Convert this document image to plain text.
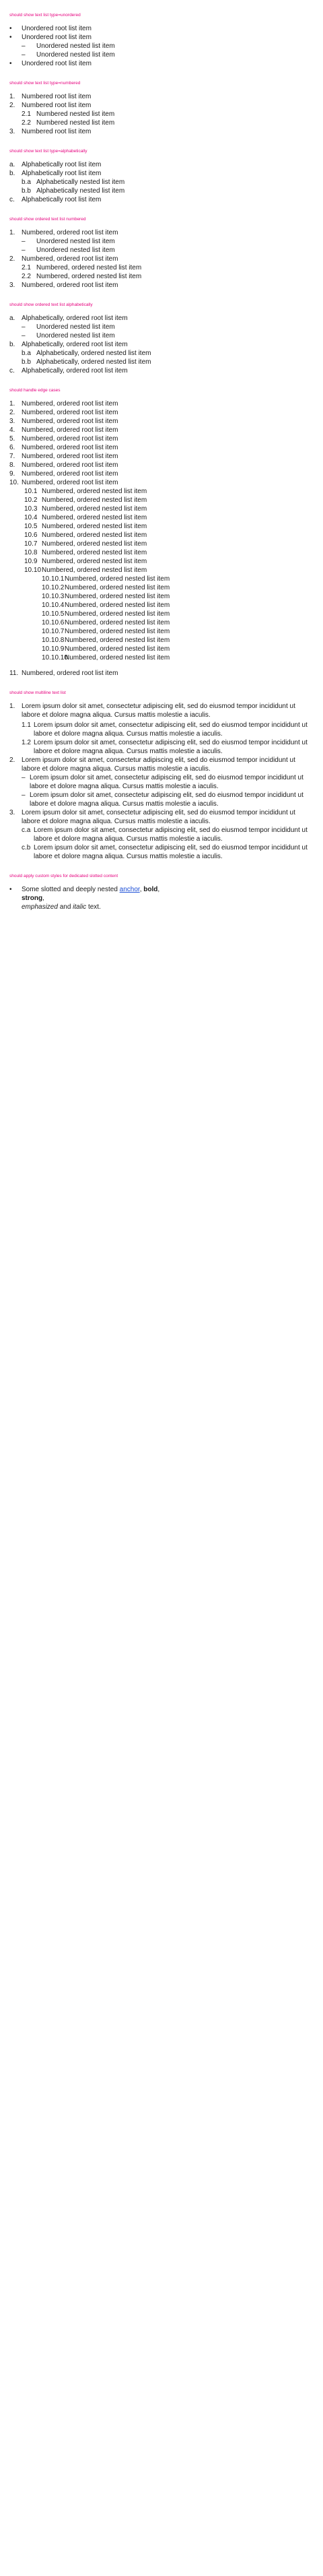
should show text list type=unordered
•
Unordered root list item
•
Unordered root list item
–
Unordered nested list item
–
Unordered nested list item
•
Unordered root list item
should show text list type=numbered
1. Numbered root list item
2. Numbered root list item
2.1 Numbered nested list item
2.2 Numbered nested list item
3. Numbered root list item
should show text list type=alphabetically
a. Alphabetically root list item
b. Alphabetically root list item
b.a Alphabetically nested list item
b.b Alphabetically nested list item
c.	Alphabetically root list item
should show ordered text list numbered
1. Numbered, ordered root list item
–
Unordered nested list item
–
Unordered nested list item
2. Numbered, ordered root list item
2.1 Numbered, ordered nested list item
2.2 Numbered, ordered nested list item
3. Numbered, ordered root list item
should show ordered text list alphabetically
a. Alphabetically, ordered root list item
–
Unordered nested list item
–
Unordered nested list item
b. Alphabetically, ordered root list item
b.a Alphabetically, ordered nested list item
b.b Alphabetically, ordered nested list item
c.	Alphabetically, ordered root list item
should handle edge cases
1. Numbered, ordered root list item
2. Numbered, ordered root list item
3. Numbered, ordered root list item
4. Numbered, ordered root list item
5. Numbered, ordered root list item
6. Numbered, ordered root list item
7. Numbered, ordered root list item
8. Numbered, ordered root list item
9. Numbered, ordered root list item
10. Numbered, ordered root list item
10.1 Numbered, ordered nested list item
10.2 Numbered, ordered nested list item
10.3 Numbered, ordered nested list item
10.4 Numbered, ordered nested list item
10.5 Numbered, ordered nested list item
10.6 Numbered, ordered nested list item
10.7 Numbered, ordered nested list item
10.8 Numbered, ordered nested list item
10.9 Numbered, ordered nested list item
10.10 Numbered, ordered nested list item
10.10.1 Numbered, ordered nested list item
10.10.2 Numbered, ordered nested list item
10.10.3 Numbered, ordered nested list item
10.10.4 Numbered, ordered nested list item
10.10.5 Numbered, ordered nested list item
10.10.6 Numbered, ordered nested list item
10.10.7 Numbered, ordered nested list item
10.10.8 Numbered, ordered nested list item
10.10.9 Numbered, ordered nested list item
10.10.10
Numbered, ordered nested list item
11. Numbered, ordered root list item
should show multiline text list
1. Lorem ipsum dolor sit amet, consectetur adipiscing elit, sed do eiusmod tempor incididunt ut labore et dolore magna aliqua. Cursus mattis molestie a iaculis.
1.1 Lorem ipsum dolor sit amet, consectetur adipiscing elit, sed do eiusmod tempor incididunt ut labore et dolore magna aliqua. Cursus mattis molestie a iaculis.
1.2 Lorem ipsum dolor sit amet, consectetur adipiscing elit, sed do eiusmod tempor incididunt ut labore et dolore magna aliqua. Cursus mattis molestie a iaculis.
2. Lorem ipsum dolor sit amet, consectetur adipiscing elit, sed do eiusmod tempor incididunt ut labore et dolore magna aliqua. Cursus mattis molestie a iaculis.
–
Lorem ipsum dolor sit amet, consectetur adipiscing elit, sed do eiusmod tempor incididunt ut labore et dolore magna aliqua. Cursus mattis molestie a iaculis.
–
Lorem ipsum dolor sit amet, consectetur adipiscing elit, sed do eiusmod tempor incididunt ut labore et dolore magna aliqua. Cursus mattis molestie a iaculis.
3. Lorem ipsum dolor sit amet, consectetur adipiscing elit, sed do eiusmod tempor incididunt ut labore et dolore magna aliqua. Cursus mattis molestie a iaculis.
c.a Lorem ipsum dolor sit amet, consectetur adipiscing elit, sed do eiusmod tempor incididunt ut labore et dolore magna aliqua. Cursus mattis molestie a iaculis.
c.b Lorem ipsum dolor sit amet, consectetur adipiscing elit, sed do eiusmod tempor incididunt ut labore et dolore magna aliqua. Cursus mattis molestie a iaculis.
should apply custom styles for dedicated slotted content
•
Some slotted and deeply nested anchor, bold, strong,
emphasized and italic text.
